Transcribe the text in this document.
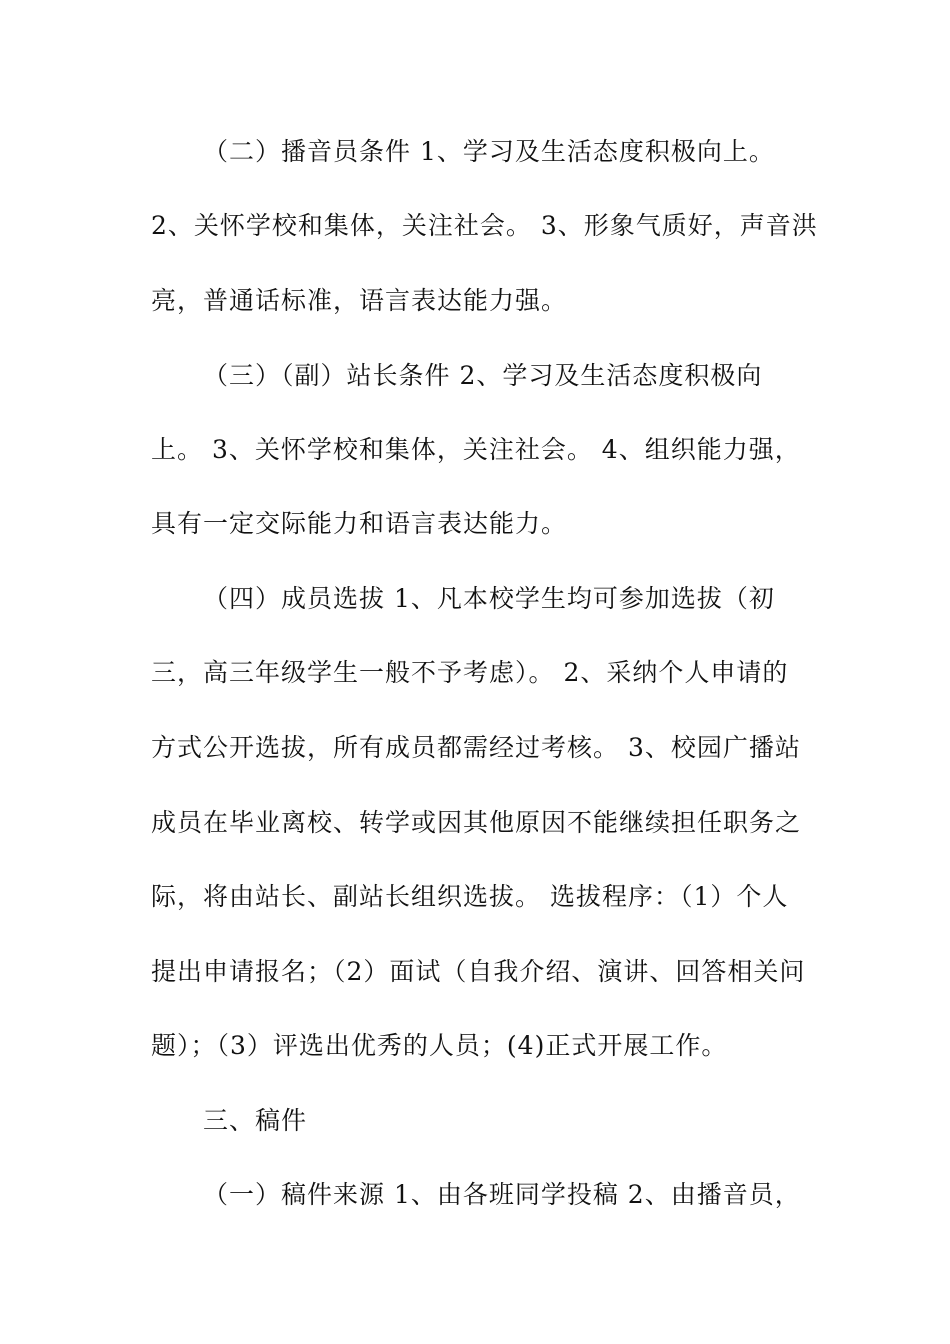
（二）播音员条件 1、学习及生活态度积极向上。
2、关怀学校和集体，关注社会。 3、形象气质好，声音洪
亮，普通话标准，语言表达能力强。
（三）（副）站长条件 2、学习及生活态度积极向
上。 3、关怀学校和集体，关注社会。 4、组织能力强，
具有一定交际能力和语言表达能力。
（四）成员选拔 1、凡本校学生均可参加选拔（初
三，高三年级学生一般不予考虑）。 2、采纳个人申请的
方式公开选拔，所有成员都需经过考核。 3、校园广播站
成员在毕业离校、转学或因其他原因不能继续担任职务之
际，将由站长、副站长组织选拔。 选拔程序：（1）个人
提出申请报名；（2）面试（自我介绍、演讲、回答相关问
题）；（3）评选出优秀的人员；(4)正式开展工作。
三、稿件
（一）稿件来源 1、由各班同学投稿 2、由播音员，
